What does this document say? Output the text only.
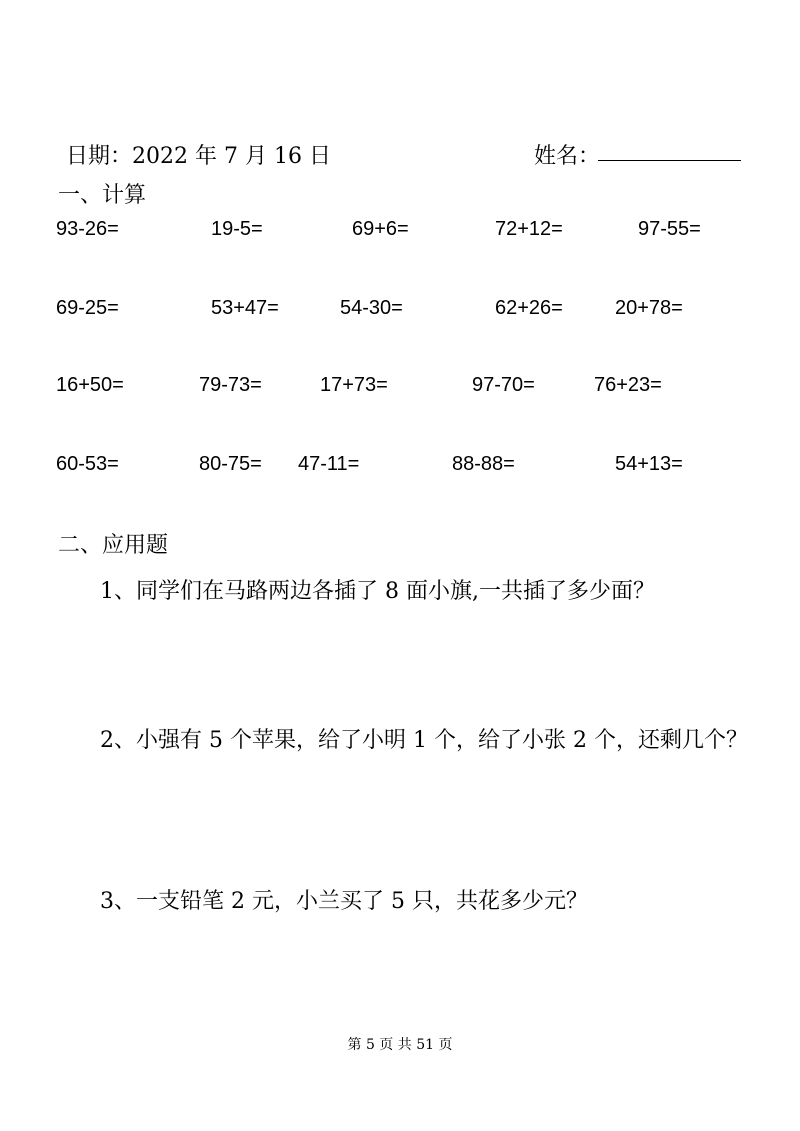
日期：2022 年 7 月 16 日	姓名：
一、计算
93-26=	19-5=	69+6=	72+12=	97-55=
69-25=	53+47=	54-30=	62+26=	20+78=
16+50=	79-73=	17+73=	97-70=	76+23=
60-53=	80-75= 47-11=	88-88=	54+13=
二、应用题
1、同学们在马路两边各插了 8 面小旗,一共插了多少面？
2、小强有 5 个苹果，给了小明 1 个，给了小张 2 个，还剩几个？
3、一支铅笔 2 元，小兰买了 5 只，共花多少元？
第 5 页 共 51 页
